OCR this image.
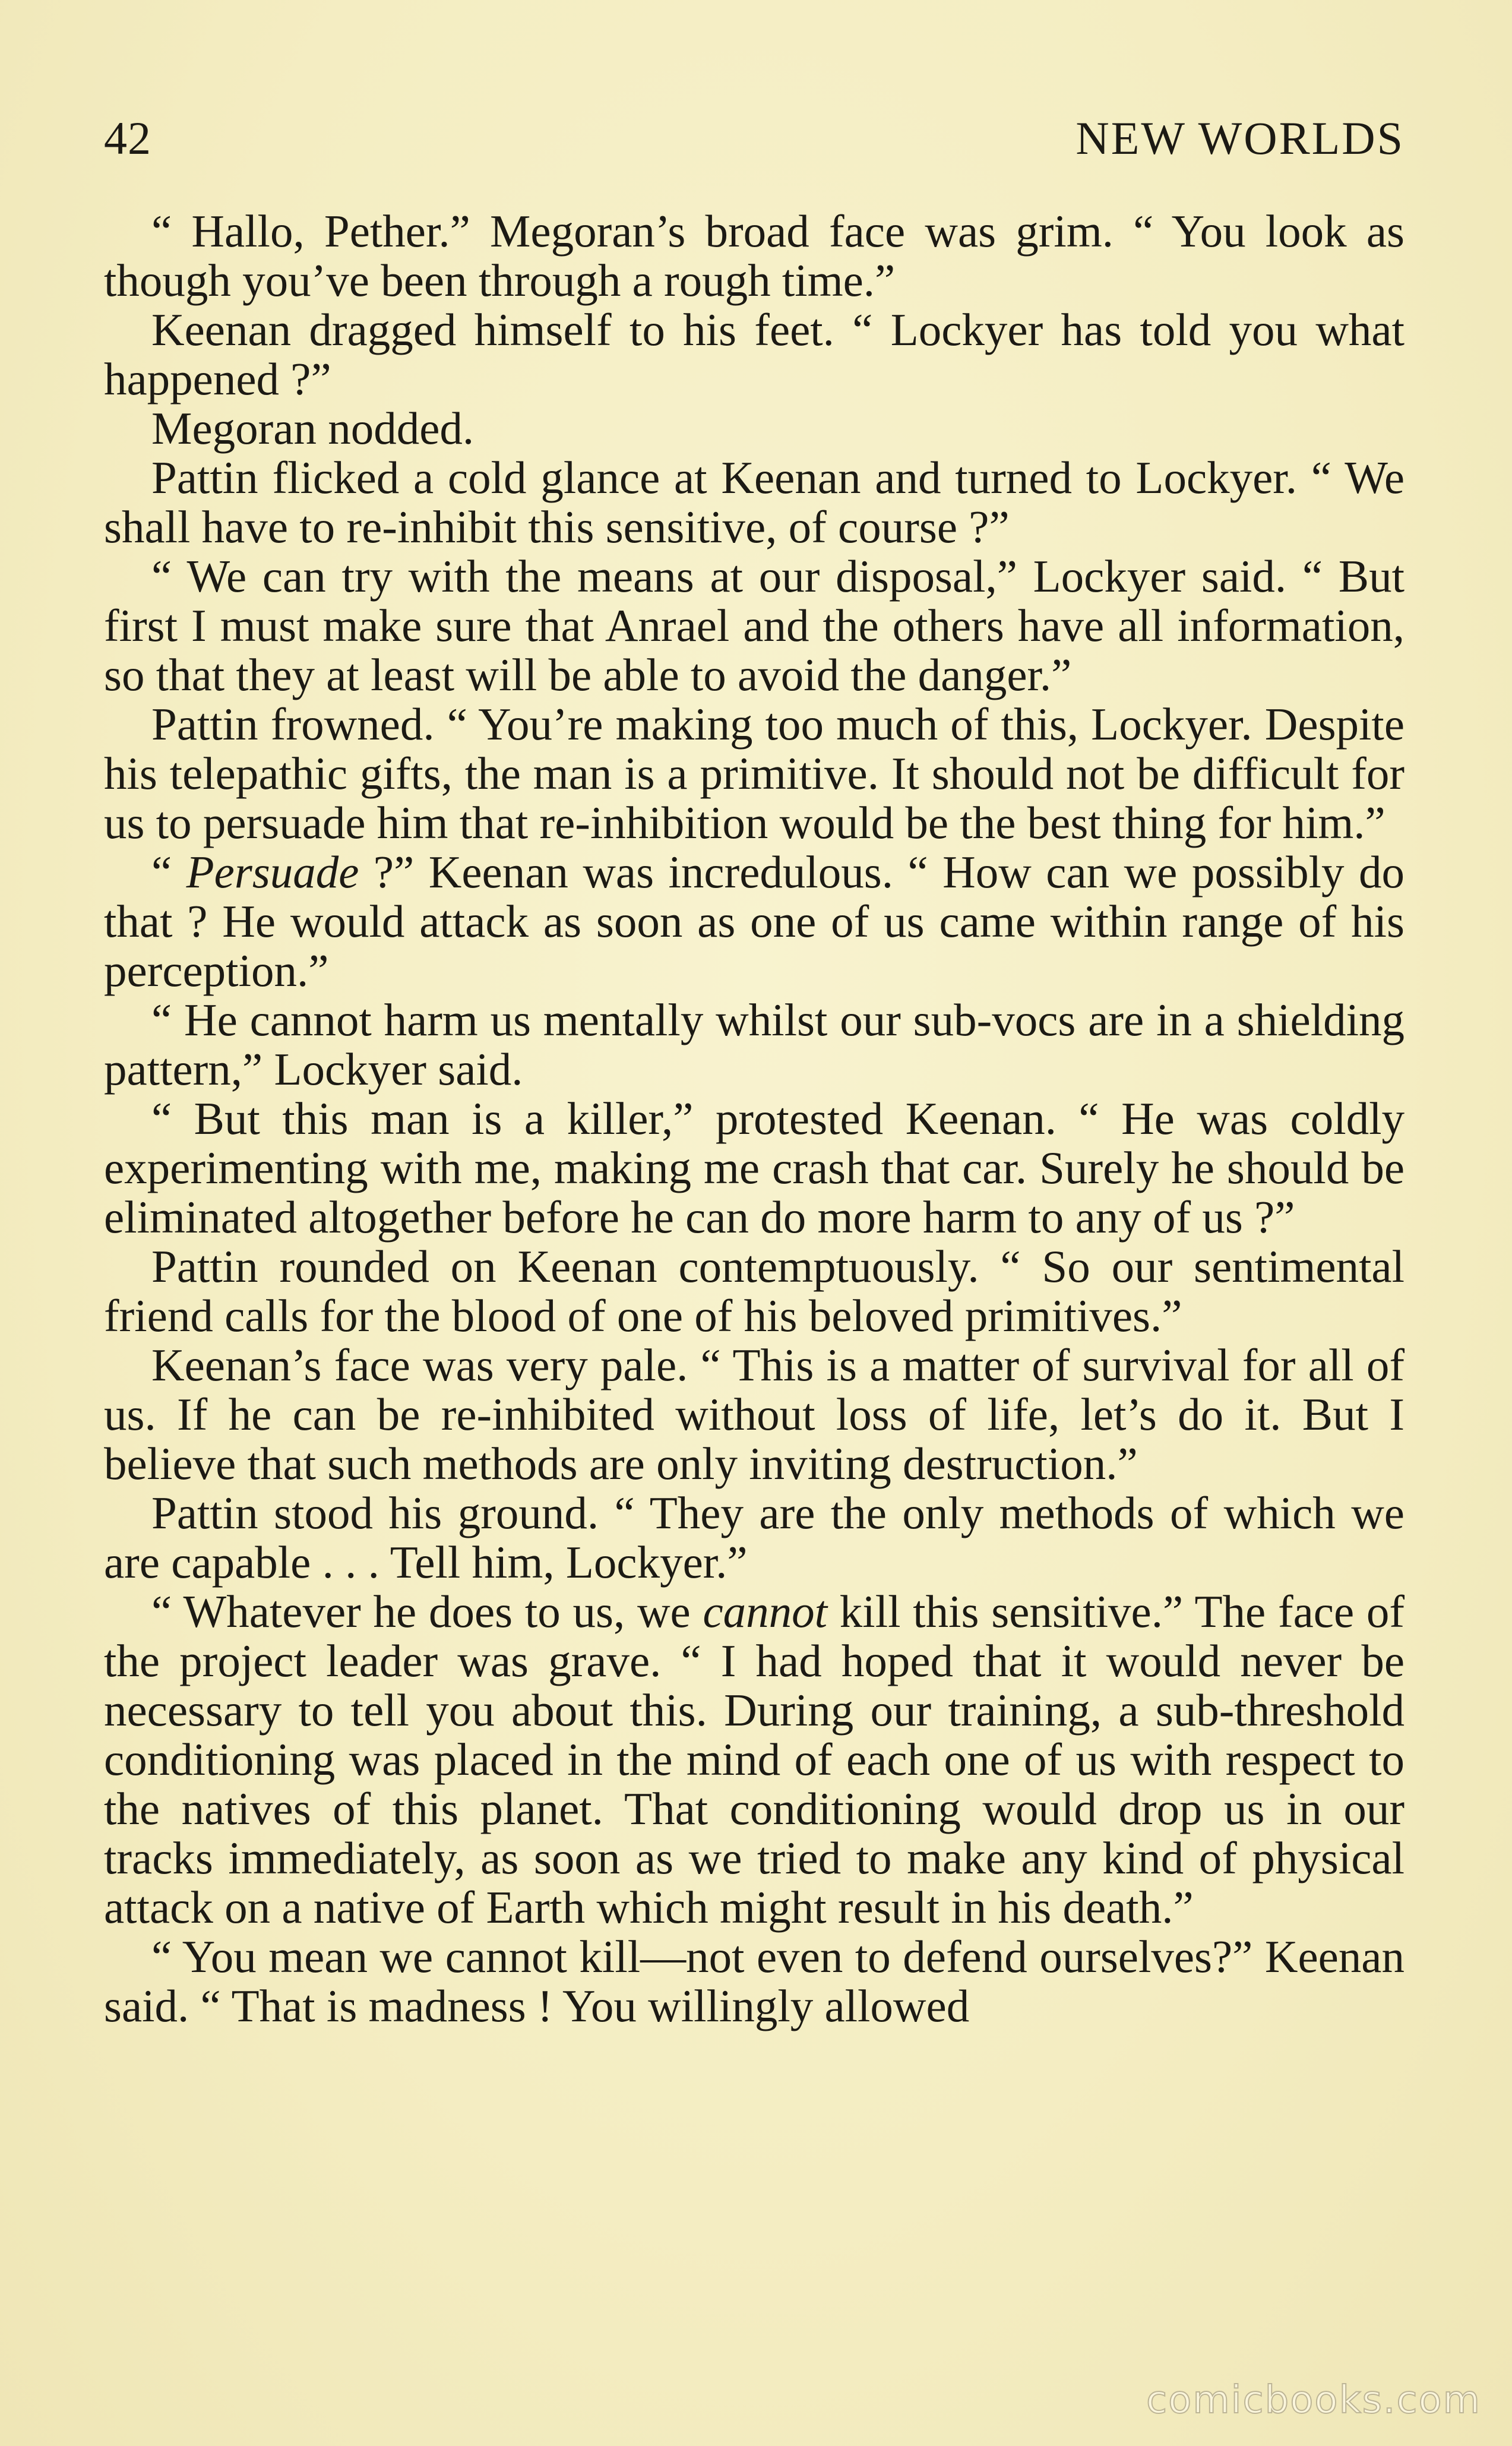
42	NEW WORLDS

“ Hallo, Pether.” Megoran’s broad face was grim. “ You look as though you’ve been through a rough time.”

Keenan dragged himself to his feet. “ Lockyer has told you what happened ?”

Megoran nodded.

Pattin flicked a cold glance at Keenan and turned to Lockyer. “ We shall have to re-inhibit this sensitive, of course ?”

“ We can try with the means at our disposal,” Lockyer said. “ But first I must make sure that Anrael and the others have all information, so that they at least will be able to avoid the danger.”

Pattin frowned. “ You’re making too much of this, Lockyer. Despite his telepathic gifts, the man is a primitive. It should not be difficult for us to persuade him that re-inhibition would be the best thing for him.”

“ Persuade ?” Keenan was incredulous. “ How can we possibly do that ? He would attack as soon as one of us came within range of his perception.”

“ He cannot harm us mentally whilst our sub-vocs are in a shielding pattern,” Lockyer said.

“ But this man is a killer,” protested Keenan. “ He was coldly experimenting with me, making me crash that car. Surely he should be eliminated altogether before he can do more harm to any of us ?”

Pattin rounded on Keenan contemptuously. “ So our sentimental friend calls for the blood of one of his beloved primitives.”

Keenan’s face was very pale. “ This is a matter of survival for all of us. If he can be re-inhibited without loss of life, let’s do it. But I believe that such methods are only inviting destruction.”

Pattin stood his ground. “ They are the only methods of which we are capable . . . Tell him, Lockyer.”

“ Whatever he does to us, we cannot kill this sensitive.” The face of the project leader was grave. “ I had hoped that it would never be necessary to tell you about this. During our training, a sub-threshold conditioning was placed in the mind of each one of us with respect to the natives of this planet. That conditioning would drop us in our tracks immediately, as soon as we tried to make any kind of physical attack on a native of Earth which might result in his death.”

“ You mean we cannot kill—not even to defend ourselves?” Keenan said. “ That is madness ! You willingly allowed

comicbooks.com
